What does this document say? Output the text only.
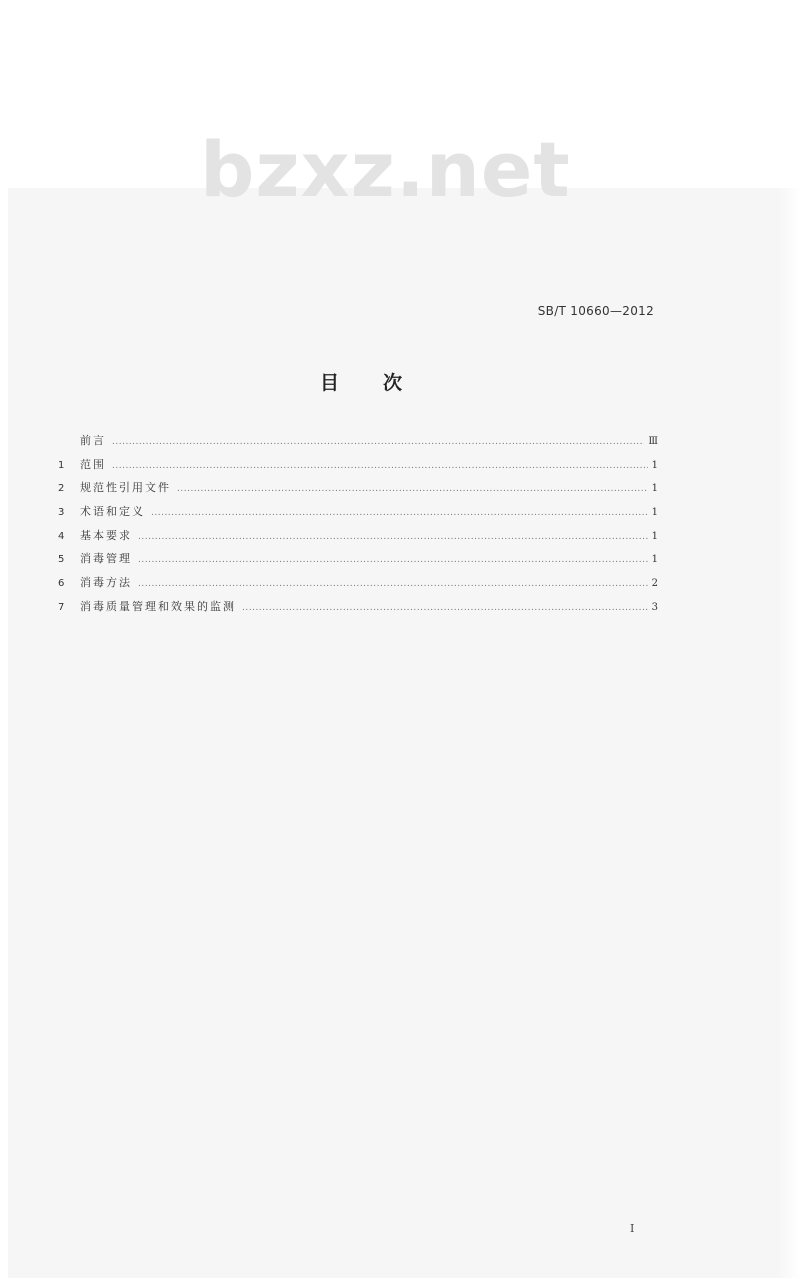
bzxz.net
SB/T 10660—2012
目次
前言 .....	Ⅲ
1	范围 .....	1
2	规范性引用文件 .....	1
3	术语和定义 .....	1
4	基本要求 .....	1
5	消毒管理 .....	1
6	消毒方法 .....	2
7	消毒质量管理和效果的监测 .....	3
I
